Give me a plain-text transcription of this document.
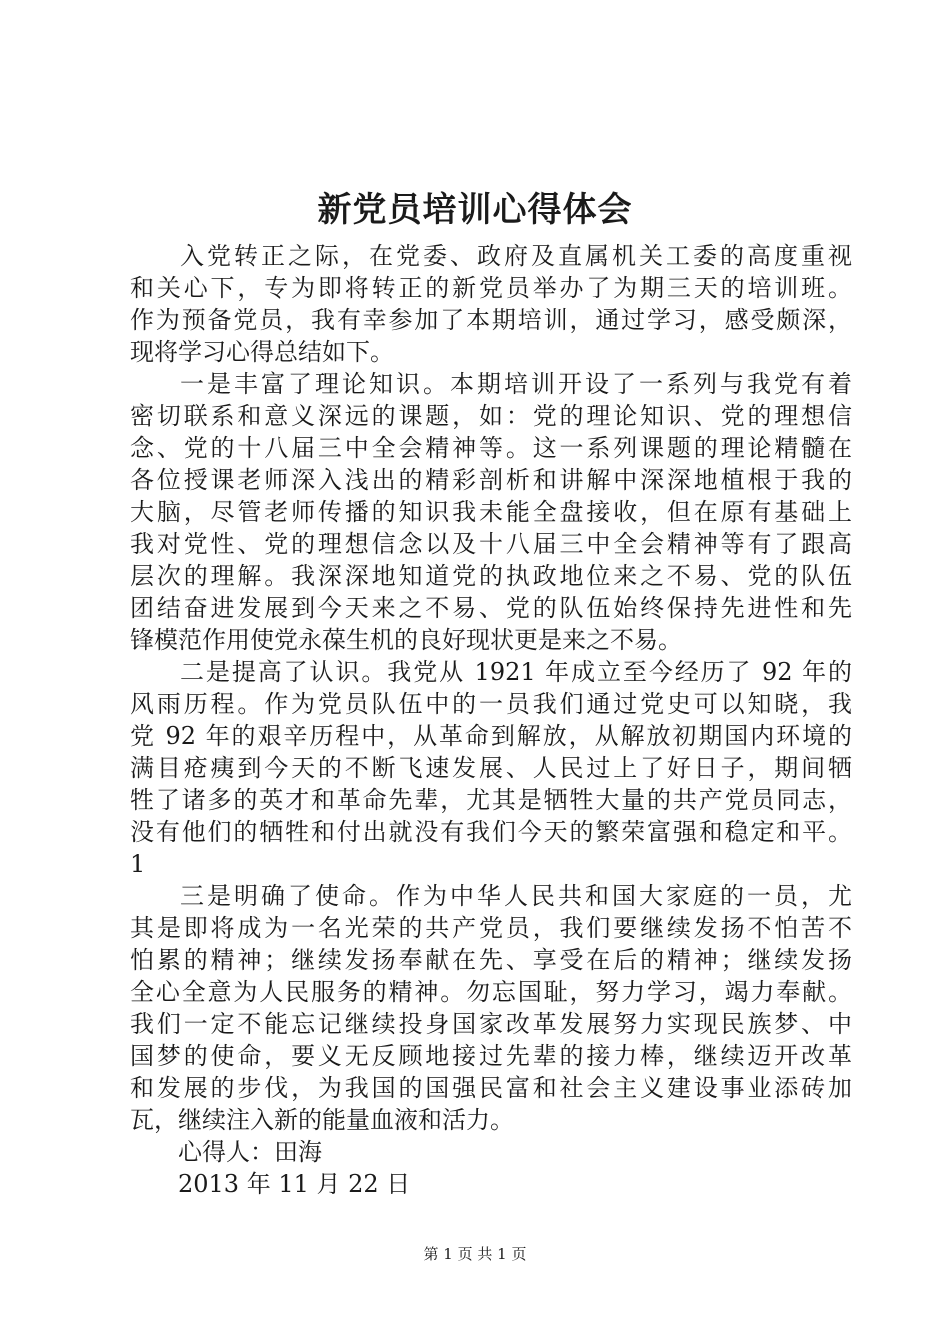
新党员培训心得体会
入党转正之际，在党委、政府及直属机关工委的高度重视
和关心下，专为即将转正的新党员举办了为期三天的培训班。
作为预备党员，我有幸参加了本期培训，通过学习，感受颇深，
现将学习心得总结如下。
一是丰富了理论知识。本期培训开设了一系列与我党有着
密切联系和意义深远的课题，如：党的理论知识、党的理想信
念、党的十八届三中全会精神等。这一系列课题的理论精髓在
各位授课老师深入浅出的精彩剖析和讲解中深深地植根于我的
大脑，尽管老师传播的知识我未能全盘接收，但在原有基础上
我对党性、党的理想信念以及十八届三中全会精神等有了跟高
层次的理解。我深深地知道党的执政地位来之不易、党的队伍
团结奋进发展到今天来之不易、党的队伍始终保持先进性和先
锋模范作用使党永葆生机的良好现状更是来之不易。
二是提高了认识。我党从 1921 年成立至今经历了 92 年的
风雨历程。作为党员队伍中的一员我们通过党史可以知晓，我
党 92 年的艰辛历程中，从革命到解放，从解放初期国内环境的
满目疮痍到今天的不断飞速发展、人民过上了好日子，期间牺
牲了诸多的英才和革命先辈，尤其是牺牲大量的共产党员同志，
没有他们的牺牲和付出就没有我们今天的繁荣富强和稳定和平。
1
三是明确了使命。作为中华人民共和国大家庭的一员，尤
其是即将成为一名光荣的共产党员，我们要继续发扬不怕苦不
怕累的精神；继续发扬奉献在先、享受在后的精神；继续发扬
全心全意为人民服务的精神。勿忘国耻，努力学习，竭力奉献。
我们一定不能忘记继续投身国家改革发展努力实现民族梦、中
国梦的使命，要义无反顾地接过先辈的接力棒，继续迈开改革
和发展的步伐，为我国的国强民富和社会主义建设事业添砖加
瓦，继续注入新的能量血液和活力。
心得人：田海
2013 年 11 月 22 日
第 1 页 共 1 页
